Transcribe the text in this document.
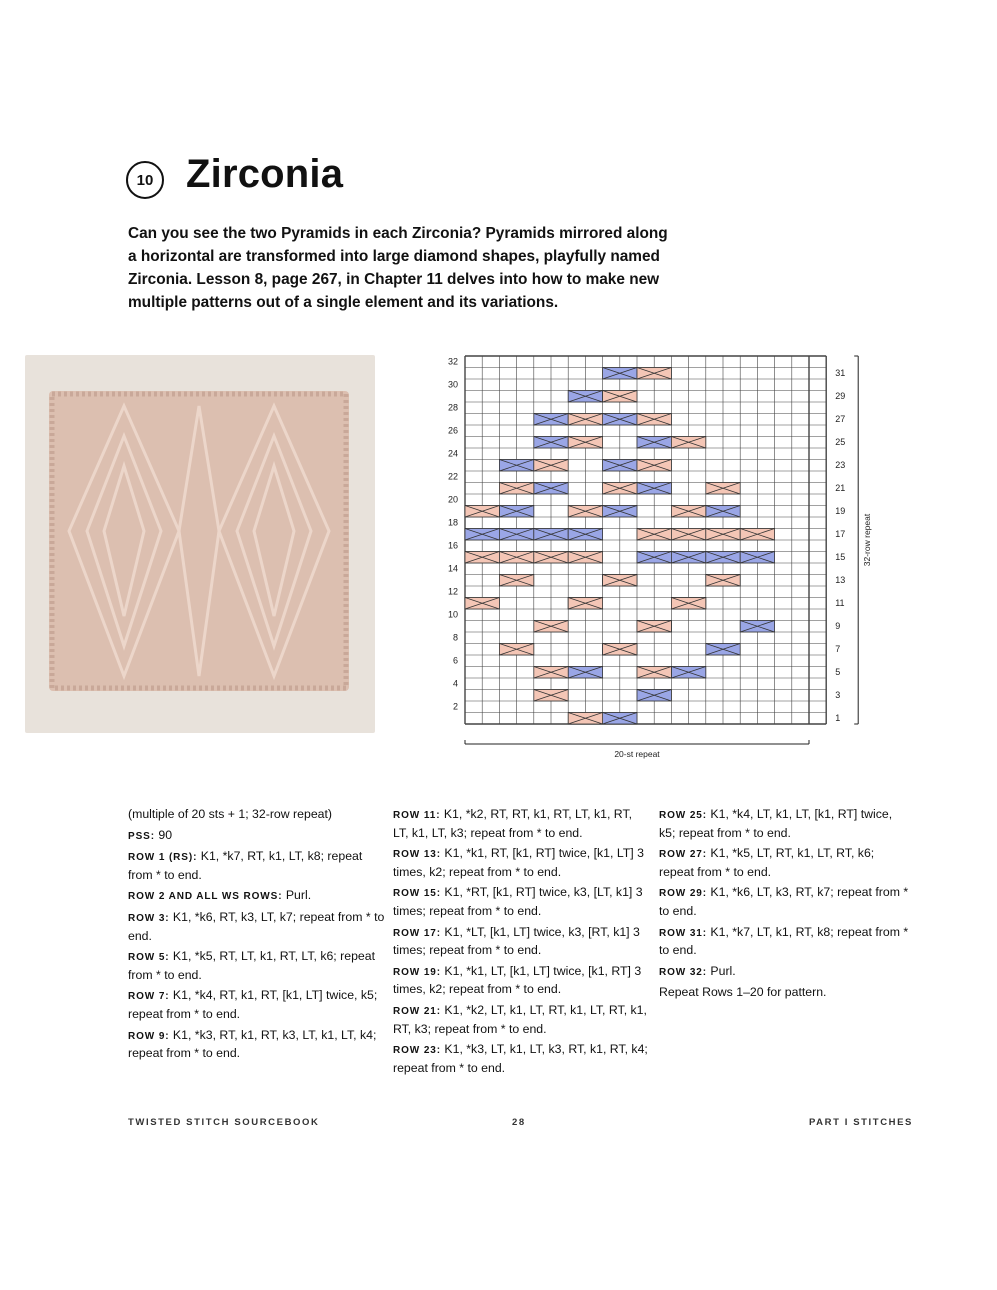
10 Zirconia
Can you see the two Pyramids in each Zirconia? Pyramids mirrored along a horizontal are transformed into large diamond shapes, playfully named Zirconia. Lesson 8, page 267, in Chapter 11 delves into how to make new multiple patterns out of a single element and its variations.
2
4
6
8
10
12
14
16
18
20
22
24
26
28
30
32
1
3
5
7
9
11
13
15
17
19
21
23
25
27
29
31
20-st repeat
32-row repeat

(multiple of 20 sts + 1; 32-row repeat)

PSS: 90

ROW 1 (RS): K1, *k7, RT, k1, LT, k8; repeat from * to end.

ROW 2 AND ALL WS ROWS: Purl.

ROW 3: K1, *k6, RT, k3, LT, k7; repeat from * to end.

ROW 5: K1, *k5, RT, LT, k1, RT, LT, k6; repeat from * to end.

ROW 7: K1, *k4, RT, k1, RT, [k1, LT] twice, k5; repeat from * to end.

ROW 9: K1, *k3, RT, k1, RT, k3, LT, k1, LT, k4; repeat from * to end.

ROW 11: K1, *k2, RT, RT, k1, RT, LT, k1, RT, LT, k1, LT, k3; repeat from * to end.

ROW 13: K1, *k1, RT, [k1, RT] twice, [k1, LT] 3 times, k2; repeat from * to end.

ROW 15: K1, *RT, [k1, RT] twice, k3, [LT, k1] 3 times; repeat from * to end.

ROW 17: K1, *LT, [k1, LT] twice, k3, [RT, k1] 3 times; repeat from * to end.

ROW 19: K1, *k1, LT, [k1, LT] twice, [k1, RT] 3 times, k2; repeat from * to end.

ROW 21: K1, *k2, LT, k1, LT, RT, k1, LT, RT, k1, RT, k3; repeat from * to end.

ROW 23: K1, *k3, LT, k1, LT, k3, RT, k1, RT, k4; repeat from * to end.

ROW 25: K1, *k4, LT, k1, LT, [k1, RT] twice, k5; repeat from * to end.

ROW 27: K1, *k5, LT, RT, k1, LT, RT, k6; repeat from * to end.

ROW 29: K1, *k6, LT, k3, RT, k7; repeat from * to end.

ROW 31: K1, *k7, LT, k1, RT, k8; repeat from * to end.

ROW 32: Purl.

Repeat Rows 1–20 for pattern.

TWISTED STITCH SOURCEBOOK	28	PART I STITCHES
